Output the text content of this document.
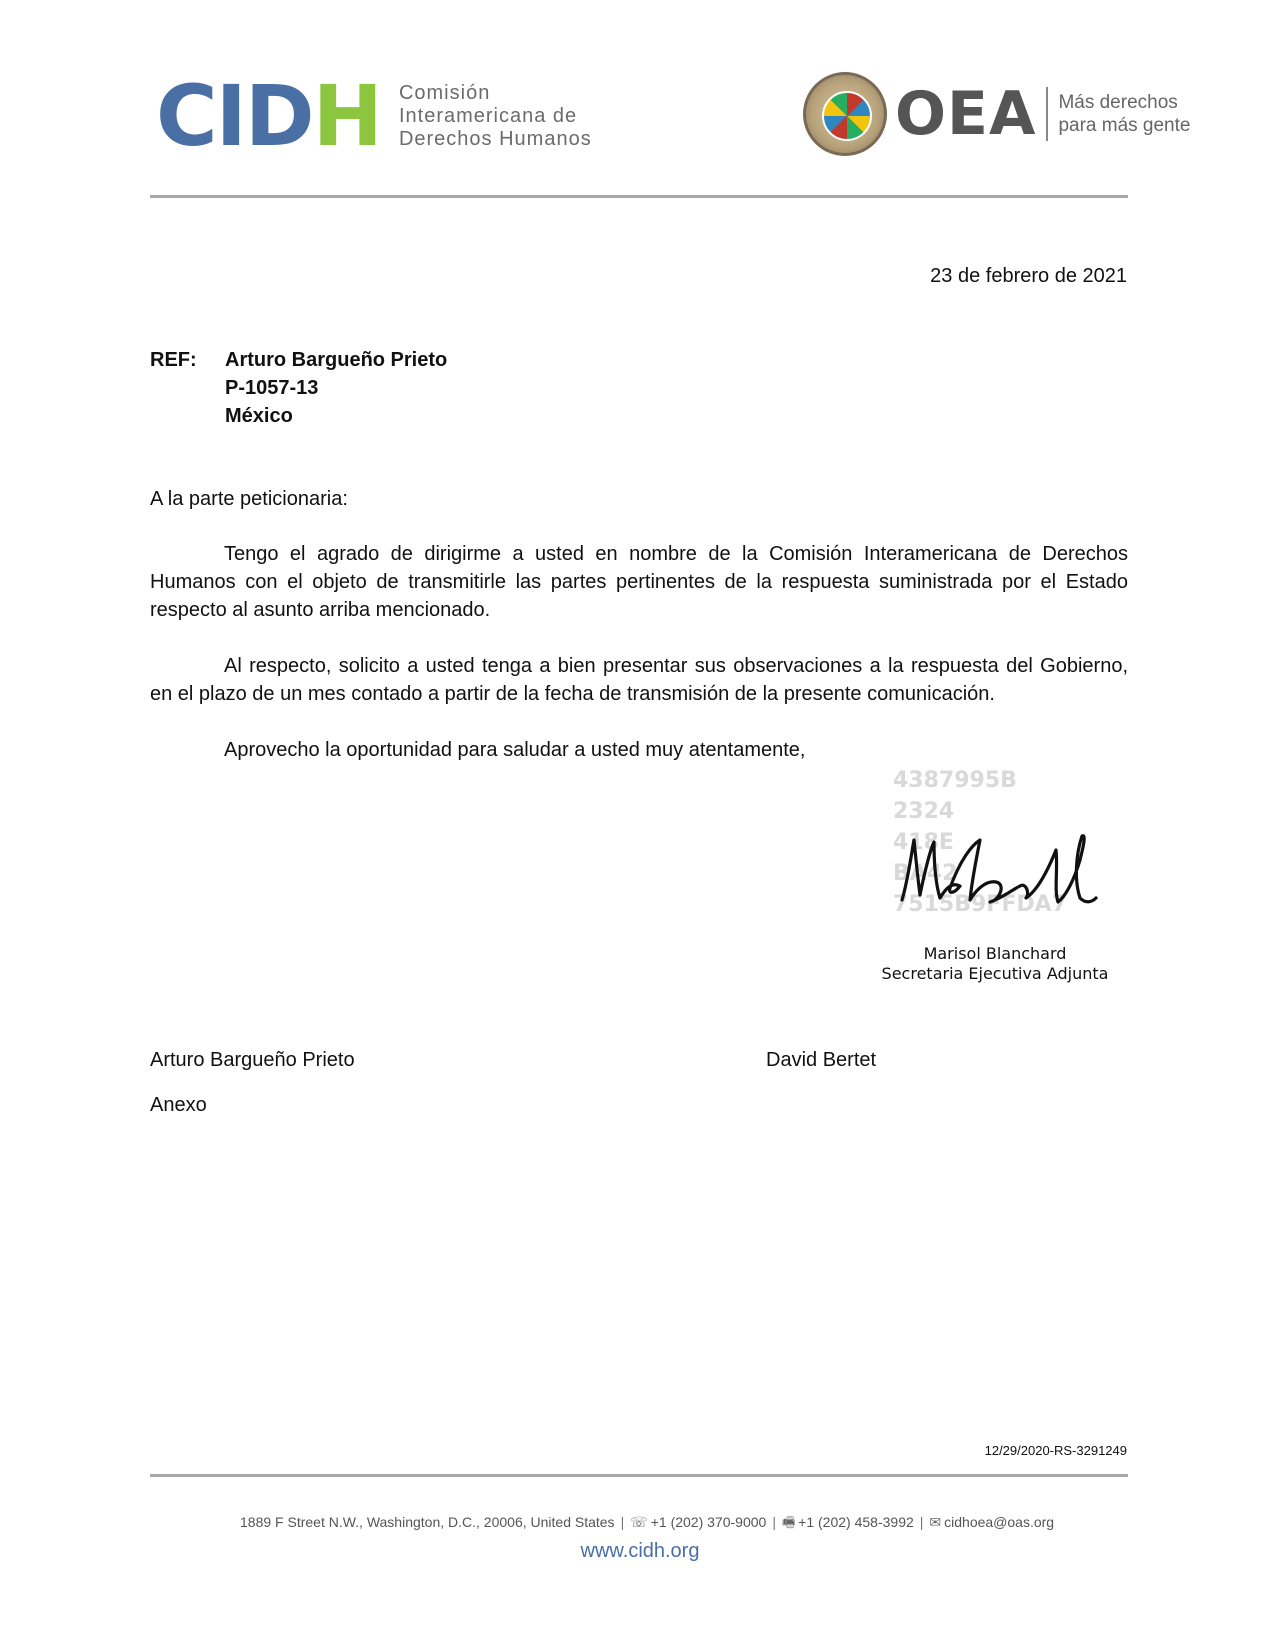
CIDH Comisión
Interamericana de
Derechos Humanos	OEA Más derechos
para más gente
23 de febrero de 2021
REF: Arturo Bargueño Prieto
P-1057-13
México
A la parte peticionaria:
Tengo el agrado de dirigirme a usted en nombre de la Comisión Interamericana de Derechos Humanos con el objeto de transmitirle las partes pertinentes de la respuesta suministrada por el Estado respecto al asunto arriba mencionado.
Al respecto, solicito a usted tenga a bien presentar sus observaciones a la respuesta del Gobierno, en el plazo de un mes contado a partir de la fecha de transmisión de la presente comunicación.
Aprovecho la oportunidad para saludar a usted muy atentamente,
4387995B
2324
418E
BA42
7515B9FFDA7
Marisol Blanchard
Secretaria Ejecutiva Adjunta
Arturo Bargueño Prieto	David Bertet
Anexo
12/29/2020-RS-3291249
1889 F Street N.W., Washington, D.C., 20006, United States | ☏ +1 (202) 370-9000 | 🖷 +1 (202) 458-3992 | ✉ cidhoea@oas.org
www.cidh.org
